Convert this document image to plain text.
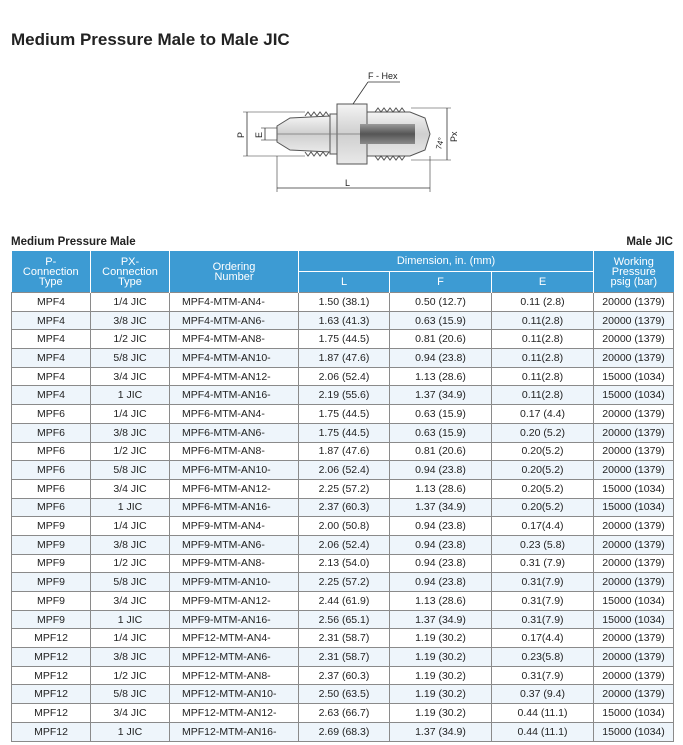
Medium Pressure Male to Male JIC
F - Hex
P E	Px
74°
L
Medium Pressure Male	Male JIC
P-
Connection
Type	PX-
Connection
Type	Ordering
Number	Dimension, in. (mm)			Working
Pressure
psig (bar)
			L	F	E	
MPF4	1/4 JIC	MPF4-MTM-AN4-	1.50 (38.1)	0.50 (12.7)	0.11 (2.8)	20000 (1379)
MPF4	3/8 JIC	MPF4-MTM-AN6-	1.63 (41.3)	0.63 (15.9)	0.11(2.8)	20000 (1379)
MPF4	1/2 JIC	MPF4-MTM-AN8-	1.75 (44.5)	0.81 (20.6)	0.11(2.8)	20000 (1379)
MPF4	5/8 JIC	MPF4-MTM-AN10-	1.87 (47.6)	0.94 (23.8)	0.11(2.8)	20000 (1379)
MPF4	3/4 JIC	MPF4-MTM-AN12-	2.06 (52.4)	1.13 (28.6)	0.11(2.8)	15000 (1034)
MPF4	1 JIC	MPF4-MTM-AN16-	2.19 (55.6)	1.37 (34.9)	0.11(2.8)	15000 (1034)
MPF6	1/4 JIC	MPF6-MTM-AN4-	1.75 (44.5)	0.63 (15.9)	0.17 (4.4)	20000 (1379)
MPF6	3/8 JIC	MPF6-MTM-AN6-	1.75 (44.5)	0.63 (15.9)	0.20 (5.2)	20000 (1379)
MPF6	1/2 JIC	MPF6-MTM-AN8-	1.87 (47.6)	0.81 (20.6)	0.20(5.2)	20000 (1379)
MPF6	5/8 JIC	MPF6-MTM-AN10-	2.06 (52.4)	0.94 (23.8)	0.20(5.2)	20000 (1379)
MPF6	3/4 JIC	MPF6-MTM-AN12-	2.25 (57.2)	1.13 (28.6)	0.20(5.2)	15000 (1034)
MPF6	1 JIC	MPF6-MTM-AN16-	2.37 (60.3)	1.37 (34.9)	0.20(5.2)	15000 (1034)
MPF9	1/4 JIC	MPF9-MTM-AN4-	2.00 (50.8)	0.94 (23.8)	0.17(4.4)	20000 (1379)
MPF9	3/8 JIC	MPF9-MTM-AN6-	2.06 (52.4)	0.94 (23.8)	0.23 (5.8)	20000 (1379)
MPF9	1/2 JIC	MPF9-MTM-AN8-	2.13 (54.0)	0.94 (23.8)	0.31 (7.9)	20000 (1379)
MPF9	5/8 JIC	MPF9-MTM-AN10-	2.25 (57.2)	0.94 (23.8)	0.31(7.9)	20000 (1379)
MPF9	3/4 JIC	MPF9-MTM-AN12-	2.44 (61.9)	1.13 (28.6)	0.31(7.9)	15000 (1034)
MPF9	1 JIC	MPF9-MTM-AN16-	2.56 (65.1)	1.37 (34.9)	0.31(7.9)	15000 (1034)
MPF12	1/4 JIC	MPF12-MTM-AN4-	2.31 (58.7)	1.19 (30.2)	0.17(4.4)	20000 (1379)
MPF12	3/8 JIC	MPF12-MTM-AN6-	2.31 (58.7)	1.19 (30.2)	0.23(5.8)	20000 (1379)
MPF12	1/2 JIC	MPF12-MTM-AN8-	2.37 (60.3)	1.19 (30.2)	0.31(7.9)	20000 (1379)
MPF12	5/8 JIC	MPF12-MTM-AN10-	2.50 (63.5)	1.19 (30.2)	0.37 (9.4)	20000 (1379)
MPF12	3/4 JIC	MPF12-MTM-AN12-	2.63 (66.7)	1.19 (30.2)	0.44 (11.1)	15000 (1034)
MPF12	1 JIC	MPF12-MTM-AN16-	2.69 (68.3)	1.37 (34.9)	0.44 (11.1)	15000 (1034)
